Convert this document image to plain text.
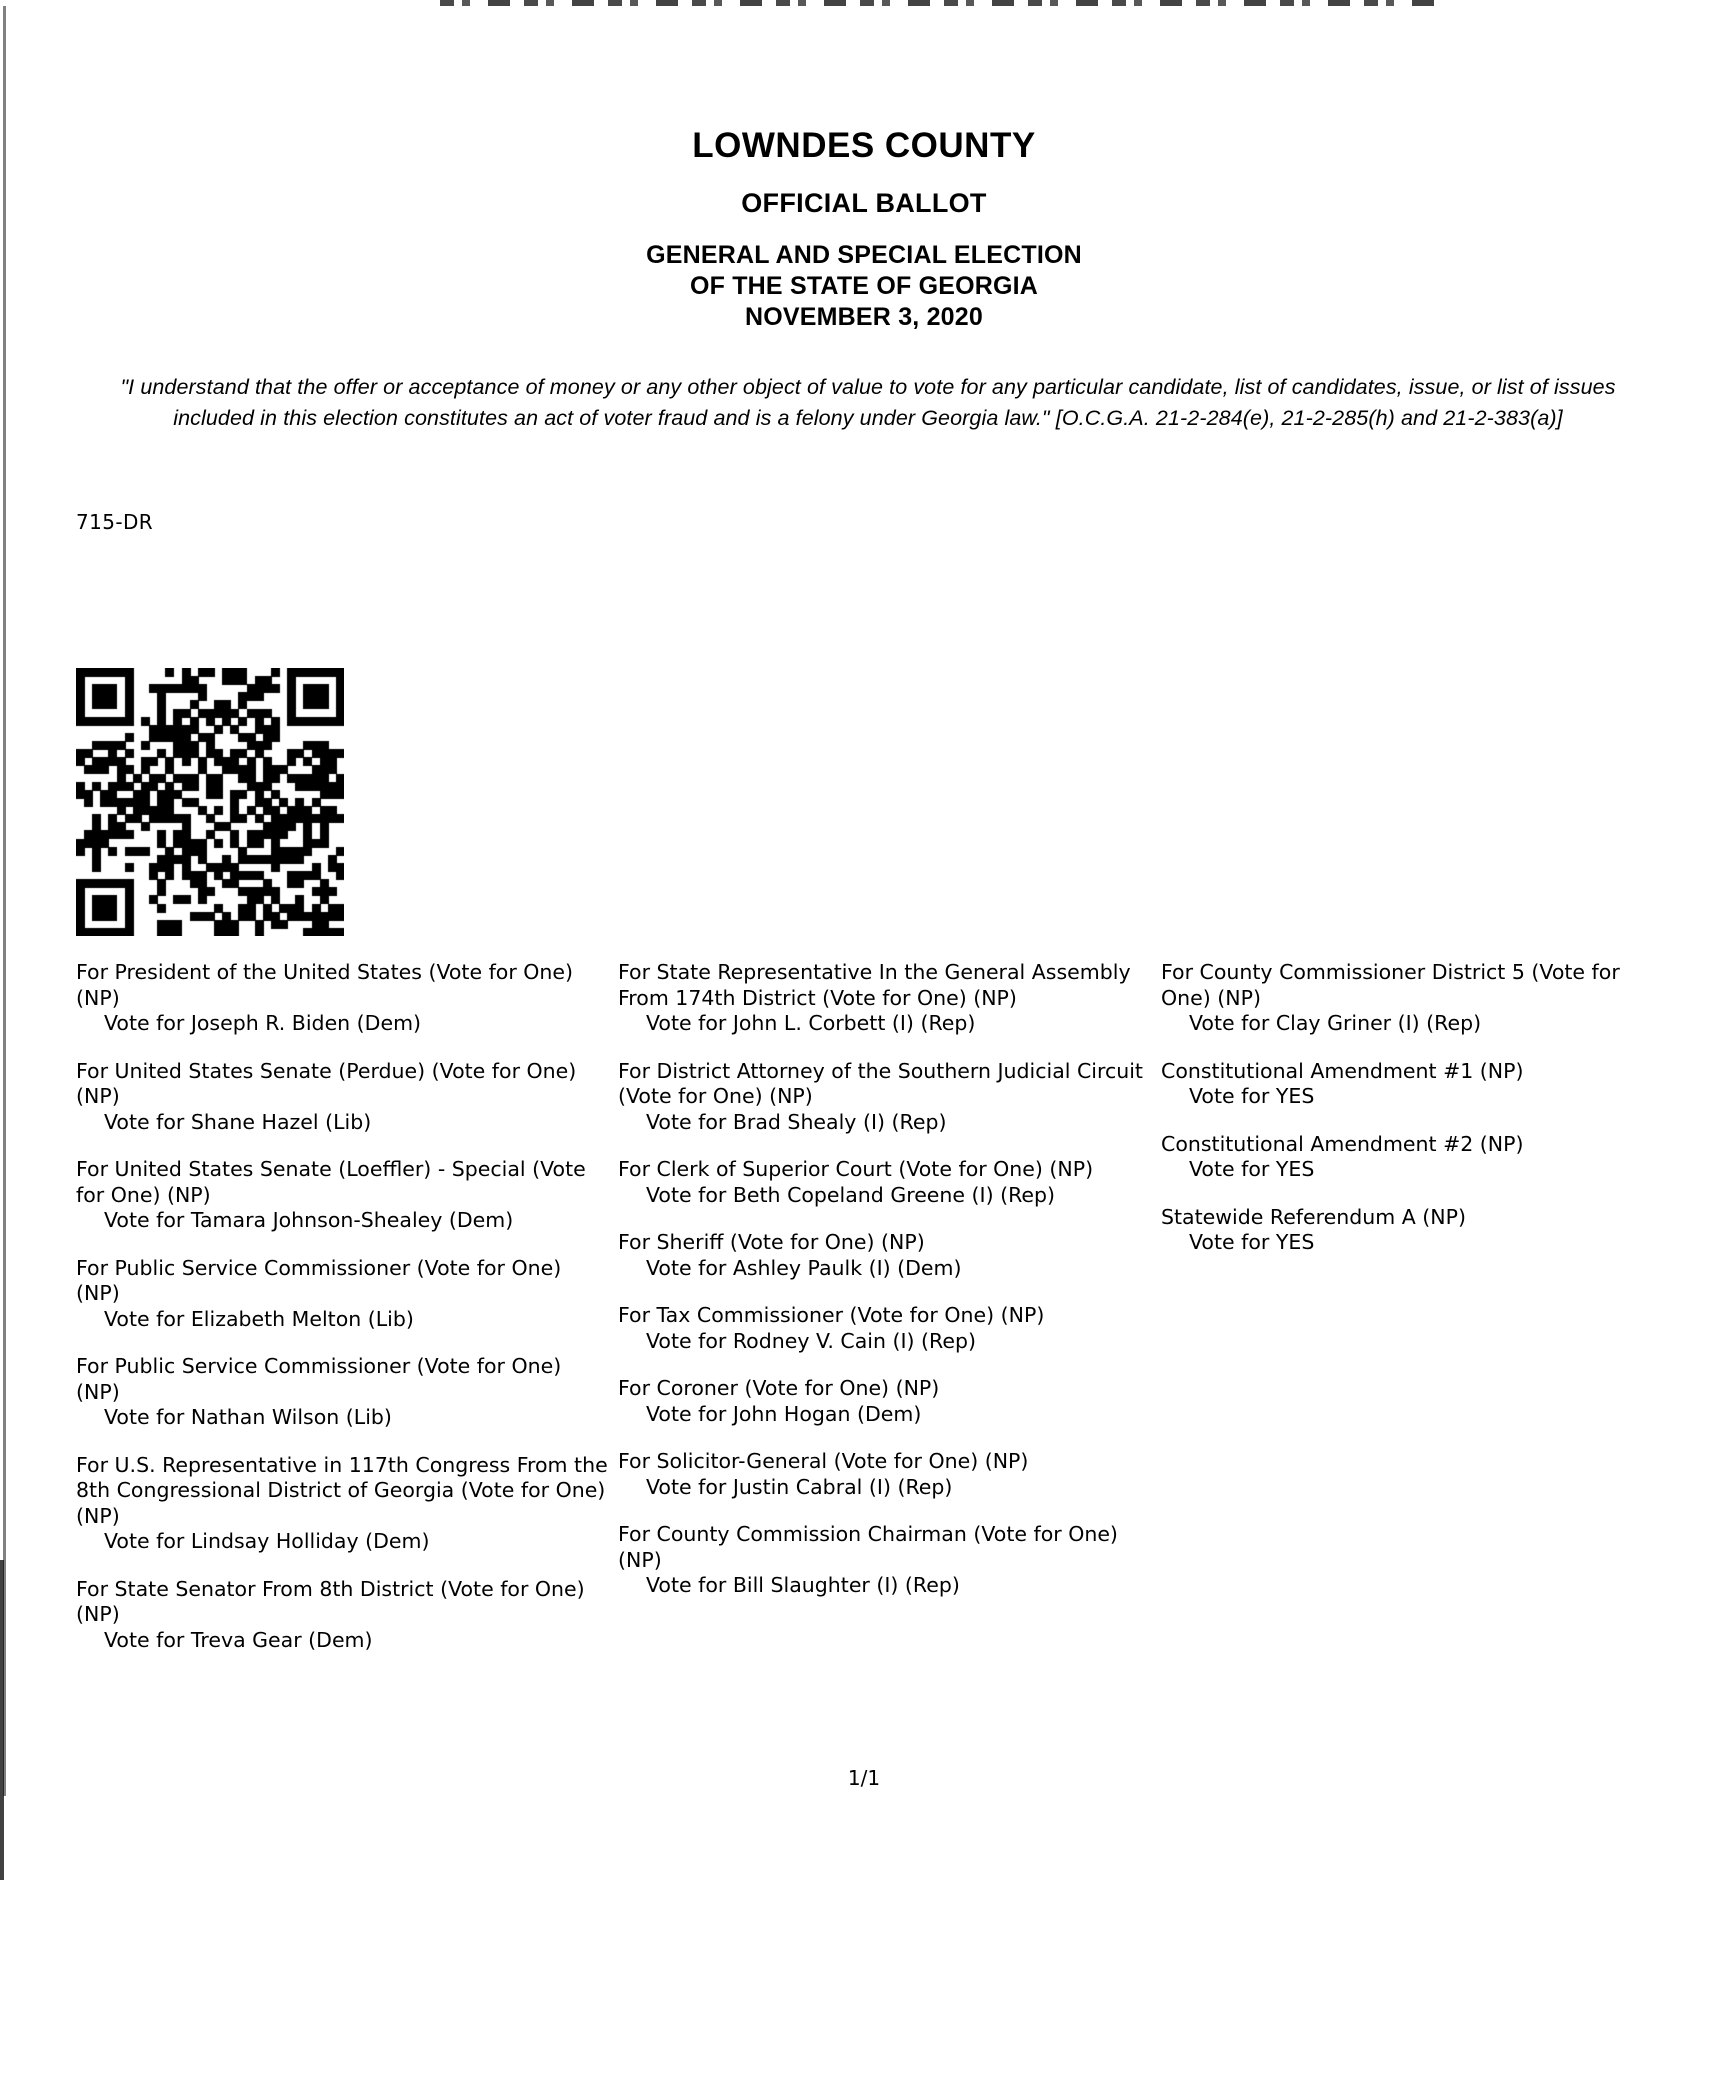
LOWNDES COUNTY
OFFICIAL BALLOT
GENERAL AND SPECIAL ELECTION
OF THE STATE OF GEORGIA
NOVEMBER 3, 2020
"I understand that the offer or acceptance of money or any other object of value to vote for any particular candidate, list of candidates, issue, or list of issues included in this election constitutes an act of voter fraud and is a felony under Georgia law." [O.C.G.A. 21-2-284(e), 21-2-285(h) and 21-2-383(a)]
715-DR
For President of the United States (Vote for One) (NP)
Vote for Joseph R. Biden (Dem)
For United States Senate (Perdue) (Vote for One) (NP)
Vote for Shane Hazel (Lib)
For United States Senate (Loeffler) - Special (Vote for One) (NP)
Vote for Tamara Johnson-Shealey (Dem)
For Public Service Commissioner (Vote for One) (NP)
Vote for Elizabeth Melton (Lib)
For Public Service Commissioner (Vote for One) (NP)
Vote for Nathan Wilson (Lib)
For U.S. Representative in 117th Congress From the 8th Congressional District of Georgia (Vote for One) (NP)
Vote for Lindsay Holliday (Dem)
For State Senator From 8th District (Vote for One) (NP)
Vote for Treva Gear (Dem)
For State Representative In the General Assembly From 174th District (Vote for One) (NP)
Vote for John L. Corbett (I) (Rep)
For District Attorney of the Southern Judicial Circuit (Vote for One) (NP)
Vote for Brad Shealy (I) (Rep)
For Clerk of Superior Court (Vote for One) (NP)
Vote for Beth Copeland Greene (I) (Rep)
For Sheriff (Vote for One) (NP)
Vote for Ashley Paulk (I) (Dem)
For Tax Commissioner (Vote for One) (NP)
Vote for Rodney V. Cain (I) (Rep)
For Coroner (Vote for One) (NP)
Vote for John Hogan (Dem)
For Solicitor-General (Vote for One) (NP)
Vote for Justin Cabral (I) (Rep)
For County Commission Chairman (Vote for One) (NP)
Vote for Bill Slaughter (I) (Rep)
For County Commissioner District 5 (Vote for One) (NP)
Vote for Clay Griner (I) (Rep)
Constitutional Amendment #1 (NP)
Vote for YES
Constitutional Amendment #2 (NP)
Vote for YES
Statewide Referendum A (NP)
Vote for YES
1/1
